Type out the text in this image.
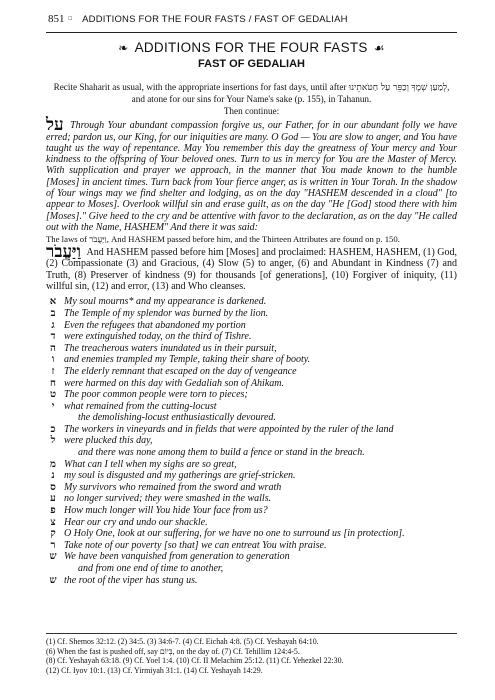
851 □ ADDITIONS FOR THE FOUR FASTS / FAST OF GEDALIAH
❧ ADDITIONS FOR THE FOUR FASTS ☙
FAST OF GEDALIAH
Recite Shaharit as usual, with the appropriate insertions for fast days, until after וְכַפֵּר עַל חַטֹּאתֵינוּ לְמַעַן שְׁמֶךָ, and atone for our sins for Your Name's sake (p. 155), in Tahanun.
Then continue:
על Through Your abundant compassion forgive us, our Father, for in our abundant folly we have erred; pardon us, our King, for our iniquities are many. O God — You are slow to anger, and You have taught us the way of repentance. May You remember this day the greatness of Your mercy and Your kindness to the offspring of Your beloved ones. Turn to us in mercy for You are the Master of Mercy. With supplication and prayer we approach, in the manner that You made known to the humble [Moses] in ancient times. Turn back from Your fierce anger, as is written in Your Torah. In the shadow of Your wings may we find shelter and lodging, as on the day "HASHEM descended in a cloud" [to appear to Moses]. Overlook willful sin and erase guilt, as on the day "He [God] stood there with him [Moses]." Give heed to the cry and be attentive with favor to the declaration, as on the day "He called out with the Name, HASHEM" And there it was said:
The laws of וַיַּעֲבֹר, And HASHEM passed before him, and the Thirteen Attributes are found on p. 150.
וַיַּעֲבֹר And HASHEM passed before him [Moses] and proclaimed: HASHEM, HASHEM, (1) God, (2) Compassionate (3) and Gracious, (4) Slow (5) to anger, (6) and Abundant in Kindness (7) and Truth, (8) Preserver of kindness (9) for thousands [of generations], (10) Forgiver of iniquity, (11) willful sin, (12) and error, (13) and Who cleanses.
א My soul mourns* and my appearance is darkened.
ב The Temple of my splendor was burned by the lion.
ג Even the refugees that abandoned my portion
ד were extinguished today, on the third of Tishre.
ה The treacherous waters inundated us in their pursuit,
ו and enemies trampled my Temple, taking their share of booty.
ז The elderly remnant that escaped on the day of vengeance
ח were harmed on this day with Gedaliah son of Ahikam.
ט The poor common people were torn to pieces;
י what remained from the cutting-locust
the demolishing-locust enthusiastically devoured.
כ The workers in vineyards and in fields that were appointed by the ruler of the land
ל were plucked this day,
and there was none among them to build a fence or stand in the breach.
מ What can I tell when my sighs are so great,
נ my soul is disgusted and my gatherings are grief-stricken.
ס My survivors who remained from the sword and wrath
ע no longer survived; they were smashed in the walls.
פ How much longer will You hide Your face from us?
צ Hear our cry and undo our shackle.
ק O Holy One, look at our suffering, for we have no one to surround us [in protection].
ר Take note of our poverty [so that] we can entreat You with praise.
ש We have been vanquished from generation to generation
and from one end of time to another,
ש the root of the viper has stung us.
(1) Cf. Shemos 32:12. (2) 34:5. (3) 34:6-7. (4) Cf. Eichah 4:8. (5) Cf. Yeshayah 64:10.
(6) When the fast is pushed off, say בְּיוֹם, on the day of. (7) Cf. Tehillim 124:4-5.
(8) Cf. Yeshayah 63:18. (9) Cf. Yoel 1:4. (10) Cf. II Melachim 25:12. (11) Cf. Yehezkel 22:30.
(12) Cf. Iyov 10:1. (13) Cf. Yirmiyah 31:1. (14) Cf. Yeshayah 14:29.
